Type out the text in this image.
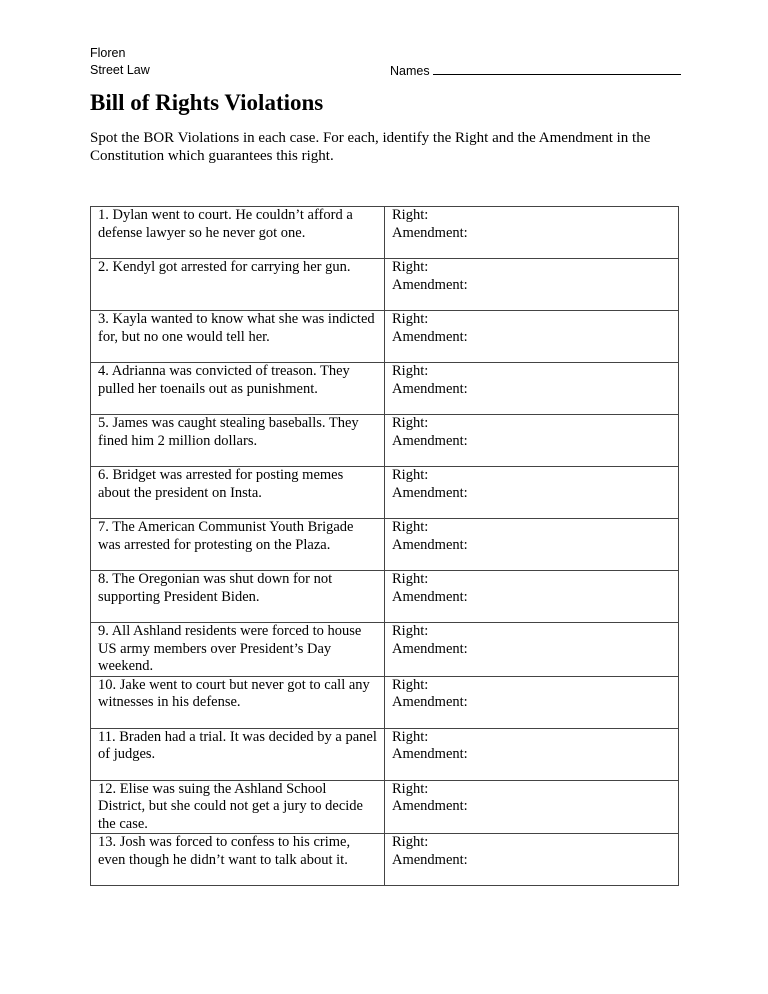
Floren
Street Law	Names
Bill of Rights Violations

Spot the BOR Violations in each case. For each, identify the Right and the Amendment in the Constitution which guarantees this right.

1. Dylan went to court. He couldn’t afford a defense lawyer so he never got one.	Right:
Amendment:

2. Kendyl got arrested for carrying her gun.	Right:
Amendment:

3. Kayla wanted to know what she was indicted for, but no one would tell her.	Right:
Amendment:

4. Adrianna was convicted of treason. They pulled her toenails out as punishment.	Right:
Amendment:

5. James was caught stealing baseballs. They fined him 2 million dollars.	Right:
Amendment:

6. Bridget was arrested for posting memes about the president on Insta.	Right:
Amendment:

7. The American Communist Youth Brigade was arrested for protesting on the Plaza.	Right:
Amendment:

8. The Oregonian was shut down for not supporting President Biden.	Right:
Amendment:

9. All Ashland residents were forced to house US army members over President’s Day weekend.	Right:
Amendment:

10. Jake went to court but never got to call any witnesses in his defense.	Right:
Amendment:

11. Braden had a trial. It was decided by a panel of judges.	Right:
Amendment:

12. Elise was suing the Ashland School District, but she could not get a jury to decide the case.	Right:
Amendment:

13. Josh was forced to confess to his crime, even though he didn’t want to talk about it.	Right:
Amendment:
